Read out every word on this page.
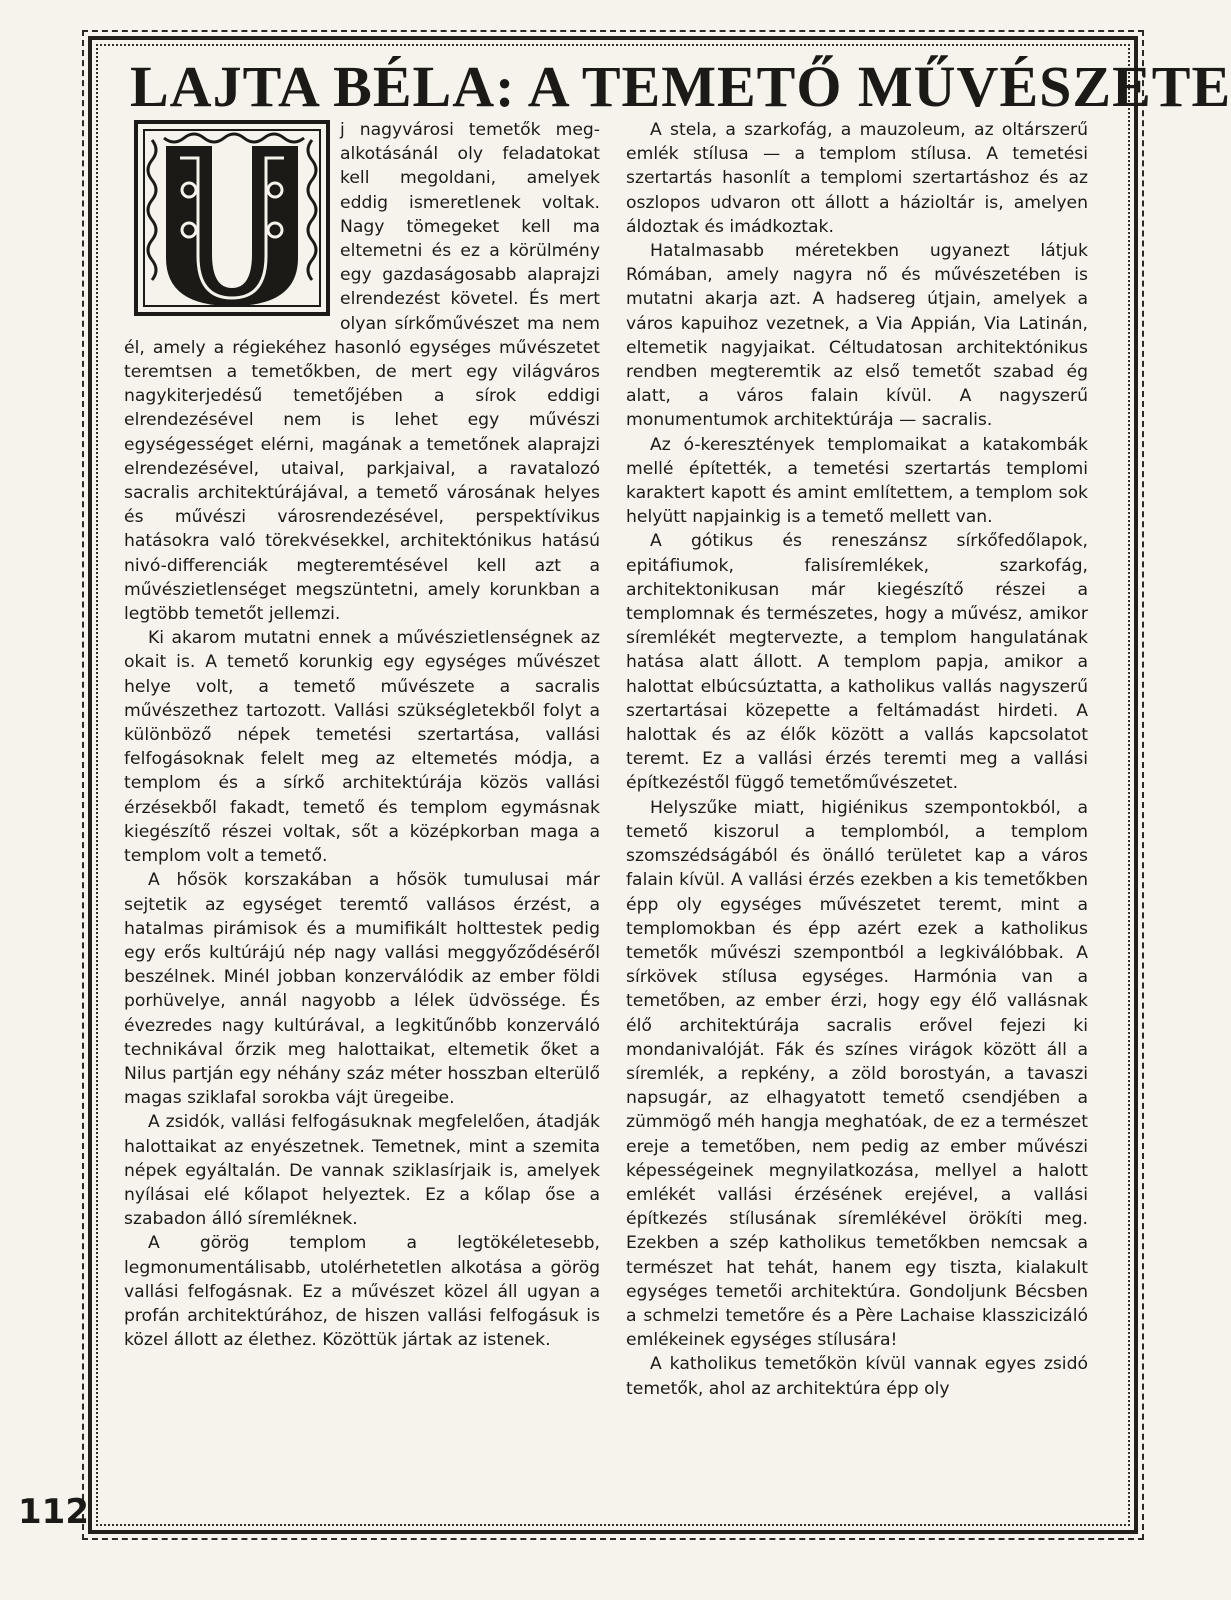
LAJTA BÉLA: A TEMETŐ MŰVÉSZETE

j nagyvárosi temetők meg-alkotásánál oly feladatokat kell megoldani, amelyek eddig ismeretlenek voltak. Nagy tömegeket kell ma eltemetni és ez a körülmény egy gazdaságosabb alaprajzi elrendezést követel. És mert olyan sírkőművészet ma nem él, amely a régiekéhez hasonló egységes művészetet teremtsen a temetőkben, de mert egy világváros nagykiterjedésű temetőjében a sírok eddigi elrendezésével nem is lehet egy művészi egységességet elérni, magának a temetőnek alaprajzi elrendezésével, utaival, parkjaival, a ravatalozó sacralis architektúrájával, a temető városának helyes és művészi városrendezésével, perspektívikus hatásokra való törekvésekkel, architektónikus hatású nivó-differenciák megteremtésével kell azt a művészietlenséget megszüntetni, amely korunkban a legtöbb temetőt jellemzi.

Ki akarom mutatni ennek a művészietlenségnek az okait is. A temető korunkig egy egységes művészet helye volt, a temető művészete a sacralis művészethez tartozott. Vallási szükségletekből folyt a különböző népek temetési szertartása, vallási felfogásoknak felelt meg az eltemetés módja, a templom és a sírkő architektúrája közös vallási érzésekből fakadt, temető és templom egymásnak kiegészítő részei voltak, sőt a középkorban maga a templom volt a temető.

A hősök korszakában a hősök tumulusai már sejtetik az egységet teremtő vallásos érzést, a hatalmas pirámisok és a mumifikált holttestek pedig egy erős kultúrájú nép nagy vallási meggyőződéséről beszélnek. Minél jobban konzerválódik az ember földi porhüvelye, annál nagyobb a lélek üdvössége. És évezredes nagy kultúrával, a legkitűnőbb konzerváló technikával őrzik meg halottaikat, eltemetik őket a Nilus partján egy néhány száz méter hosszban elterülő magas sziklafal sorokba vájt üregeibe.

A zsidók, vallási felfogásuknak megfelelően, átadják halottaikat az enyészetnek. Temetnek, mint a szemita népek egyáltalán. De vannak sziklasírjaik is, amelyek nyílásai elé kőlapot helyeztek. Ez a kőlap őse a szabadon álló síremléknek.

A görög templom a legtökéletesebb, legmonumentálisabb, utolérhetetlen alkotása a görög vallási felfogásnak. Ez a művészet közel áll ugyan a profán architektúrához, de hiszen vallási felfogásuk is közel állott az élethez. Közöttük jártak az istenek.

A stela, a szarkofág, a mauzoleum, az oltárszerű emlék stílusa — a templom stílusa. A temetési szertartás hasonlít a templomi szertartáshoz és az oszlopos udvaron ott állott a házioltár is, amelyen áldoztak és imádkoztak.

Hatalmasabb méretekben ugyanezt látjuk Rómában, amely nagyra nő és művészetében is mutatni akarja azt. A hadsereg útjain, amelyek a város kapuihoz vezetnek, a Via Appián, Via Latinán, eltemetik nagyjaikat. Céltudatosan architektónikus rendben megteremtik az első temetőt szabad ég alatt, a város falain kívül. A nagyszerű monumentumok architektúrája — sacralis.

Az ó-keresztények templomaikat a katakombák mellé építették, a temetési szertartás templomi karaktert kapott és amint említettem, a templom sok helyütt napjainkig is a temető mellett van.

A gótikus és reneszánsz sírkőfedőlapok, epitáfiumok, falisíremlékek, szarkofág, architektonikusan már kiegészítő részei a templomnak és természetes, hogy a művész, amikor síremlékét megtervezte, a templom hangulatának hatása alatt állott. A templom papja, amikor a halottat elbúcsúztatta, a katholikus vallás nagyszerű szertartásai közepette a feltámadást hirdeti. A halottak és az élők között a vallás kapcsolatot teremt. Ez a vallási érzés teremti meg a vallási építkezéstől függő temetőművészetet.

Helyszűke miatt, higiénikus szempontokból, a temető kiszorul a templomból, a templom szomszédságából és önálló területet kap a város falain kívül. A vallási érzés ezekben a kis temetőkben épp oly egységes művészetet teremt, mint a templomokban és épp azért ezek a katholikus temetők művészi szempontból a legkiválóbbak. A sírkövek stílusa egységes. Harmónia van a temetőben, az ember érzi, hogy egy élő vallásnak élő architektúrája sacralis erővel fejezi ki mondanivalóját. Fák és színes virágok között áll a síremlék, a repkény, a zöld borostyán, a tavaszi napsugár, az elhagyatott temető csendjében a zümmögő méh hangja meghatóak, de ez a természet ereje a temetőben, nem pedig az ember művészi képességeinek megnyilatkozása, mellyel a halott emlékét vallási érzésének erejével, a vallási építkezés stílusának síremlékével örökíti meg. Ezekben a szép katholikus temetőkben nemcsak a természet hat tehát, hanem egy tiszta, kialakult egységes temetői architektúra. Gondoljunk Bécsben a schmelzi temetőre és a Père Lachaise klasszicizáló emlékeinek egységes stílusára!

A katholikus temetőkön kívül vannak egyes zsidó temetők, ahol az architektúra épp oly

112
